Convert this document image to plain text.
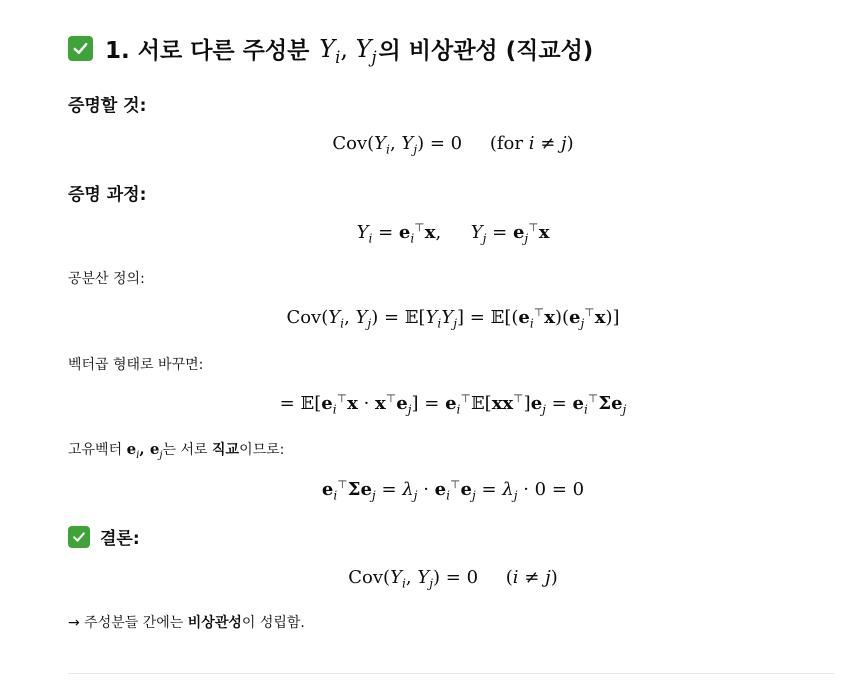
1. 서로 다른 주성분 $Y_i$, $Y_j$ 의 비상관성 (직교성)
증명할 것:
$Cov(Y_i$, $Y_j) = 0$ (for i ≠ j)
증명 과정:
$Y_i = e_i^⊤x$,  $Y_j = e_j^⊤x$
공분산 정의:
$Cov(Y_i$, $Y_j$) = $𝔼[Y_iY_j]$ = $𝔼[(e_i^⊤x)(e_j^⊤x)]$
벡터곱 형태로 바꾸면:
= $𝔼[e_i^⊤x \cdot x^⊤e_j]$ = $e_i^⊤𝔼[xx^⊤]e_j = e_i^⊤\Sigma e_j$
고유벡터 $e_i$, $e_j$는 서로 직교이므로:
$e_i^⊤\Sigma e_j = \lambda_j \cdot e_i^⊤e_j = \lambda_j \cdot 0 = 0$
결론:
$Cov(Y_i$, $Y_j) = 0$ (i ≠ j)
→ 주성분들 간에는 비상관성이 성립함.
